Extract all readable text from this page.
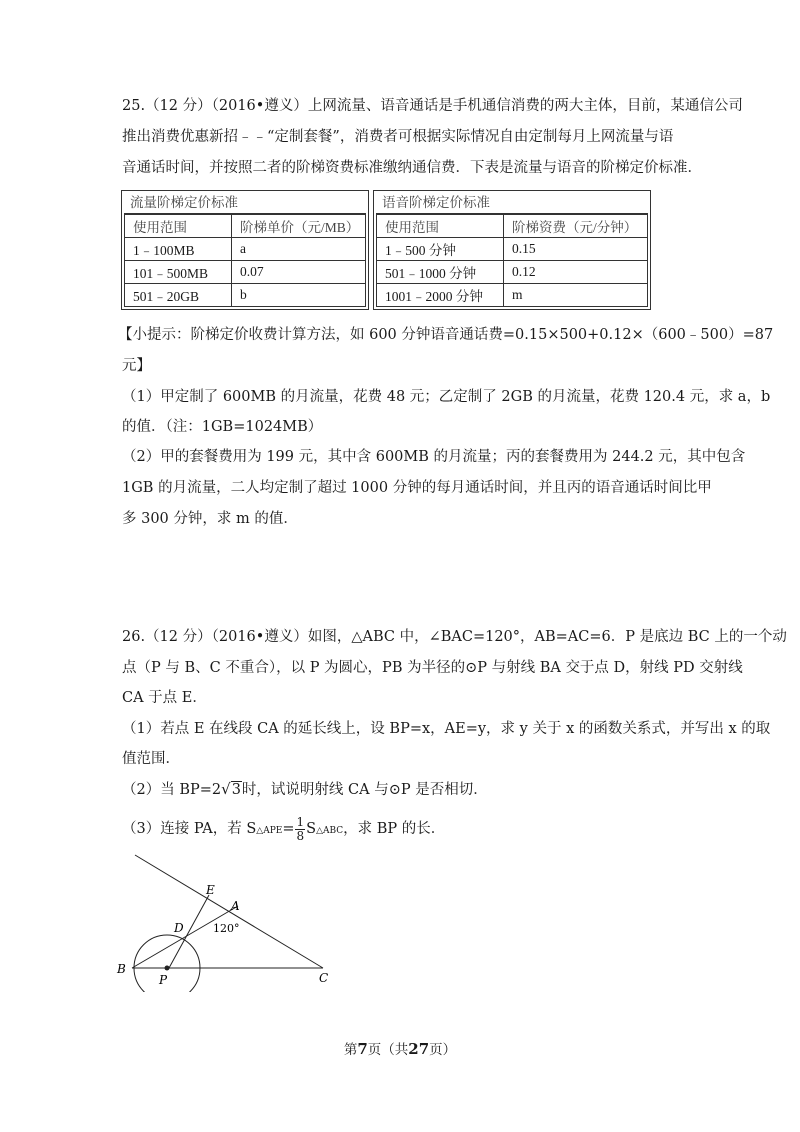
25.（12 分）（2016•遵义）上网流量、语音通话是手机通信消费的两大主体，目前，某通信公司
推出消费优惠新招﹣﹣“定制套餐”，消费者可根据实际情况自由定制每月上网流量与语
音通话时间，并按照二者的阶梯资费标准缴纳通信费．下表是流量与语音的阶梯定价标准．
流量阶梯定价标准
使用范围	阶梯单价（元/MB）
1﹣100MB	a
101﹣500MB	0.07
501﹣20GB	b
语音阶梯定价标准
使用范围	阶梯资费（元/分钟）
1﹣500 分钟	0.15
501﹣1000 分钟	0.12
1001﹣2000 分钟	m
【小提示：阶梯定价收费计算方法，如 600 分钟语音通话费=0.15×500+0.12×（600﹣500）=87
元】
（1）甲定制了 600MB 的月流量，花费 48 元；乙定制了 2GB 的月流量，花费 120.4 元，求 a，b
的值．（注：1GB=1024MB）
（2）甲的套餐费用为 199 元，其中含 600MB 的月流量；丙的套餐费用为 244.2 元，其中包含
1GB 的月流量，二人均定制了超过 1000 分钟的每月通话时间，并且丙的语音通话时间比甲
多 300 分钟，求 m 的值．
26.（12 分）（2016•遵义）如图，△ABC 中，∠BAC=120°，AB=AC=6．P 是底边 BC 上的一个动
点（P 与 B、C 不重合），以 P 为圆心，PB 为半径的⊙P 与射线 BA 交于点 D，射线 PD 交射线
CA 于点 E．
（1）若点 E 在线段 CA 的延长线上，设 BP=x，AE=y，求 y 关于 x 的函数关系式，并写出 x 的取
值范围．
（2）当 BP=2√3时，试说明射线 CA 与⊙P 是否相切．
（3）连接 PA，若 S△APE= $\frac{1}{8}$ S△ABC，求 BP 的长．
E
A
D	120°
B
P	C
第7页（共27页）
